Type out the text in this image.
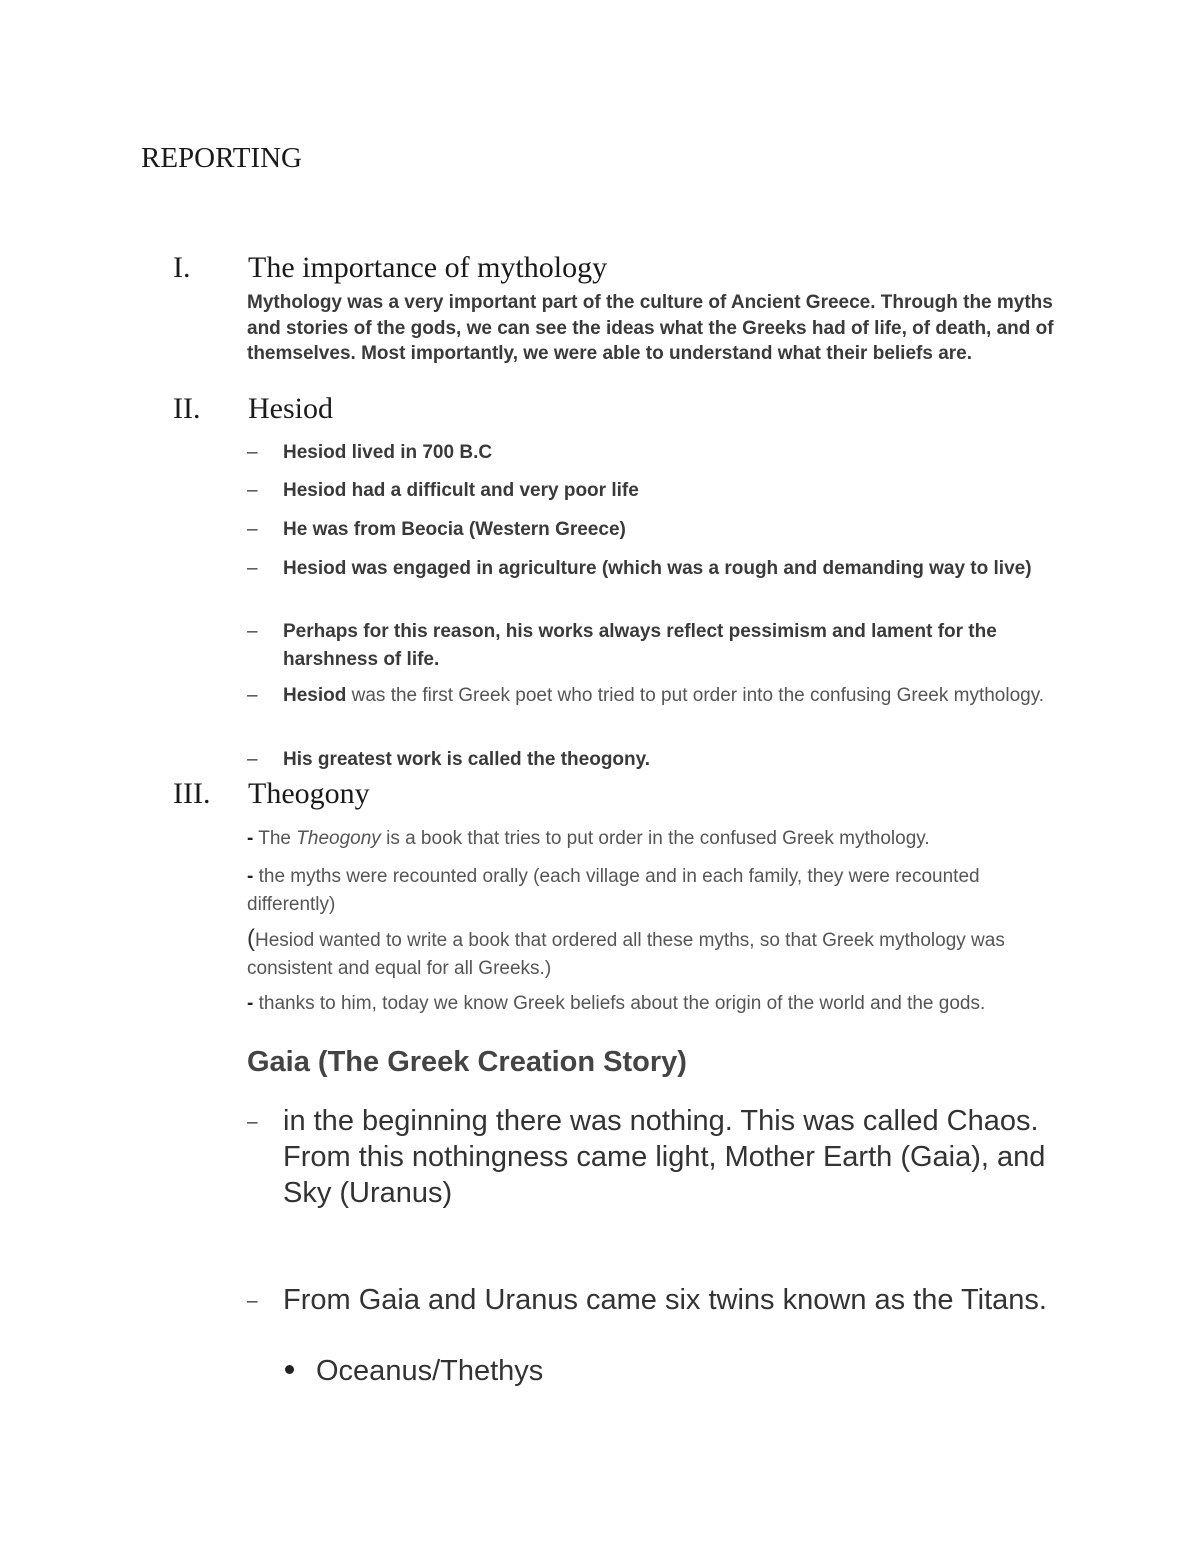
REPORTING
I. The importance of mythology

Mythology was a very important part of the culture of Ancient Greece. Through the myths and stories of the gods, we can see the ideas what the Greeks had of life, of death, and of themselves. Most importantly, we were able to understand what their beliefs are.

II. Hesiod
– Hesiod lived in 700 B.C
– Hesiod had a difficult and very poor life
– He was from Beocia (Western Greece)
– Hesiod was engaged in agriculture (which was a rough and demanding way to live)
– Perhaps for this reason, his works always reflect pessimism and lament for the harshness of life.
– Hesiod was the first Greek poet who tried to put order into the confusing Greek mythology.
– His greatest work is called the theogony.
III. Theogony

- The Theogony is a book that tries to put order in the confused Greek mythology.

- the myths were recounted orally (each village and in each family, they were recounted differently)

(Hesiod wanted to write a book that ordered all these myths, so that Greek mythology was consistent and equal for all Greeks.)

- thanks to him, today we know Greek beliefs about the origin of the world and the gods.

Gaia (The Greek Creation Story)
– in the beginning there was nothing. This was called Chaos.
From this nothingness came light, Mother Earth (Gaia), and Sky (Uranus)
– From Gaia and Uranus came six twins known as the Titans.
Oceanus/Thethys
